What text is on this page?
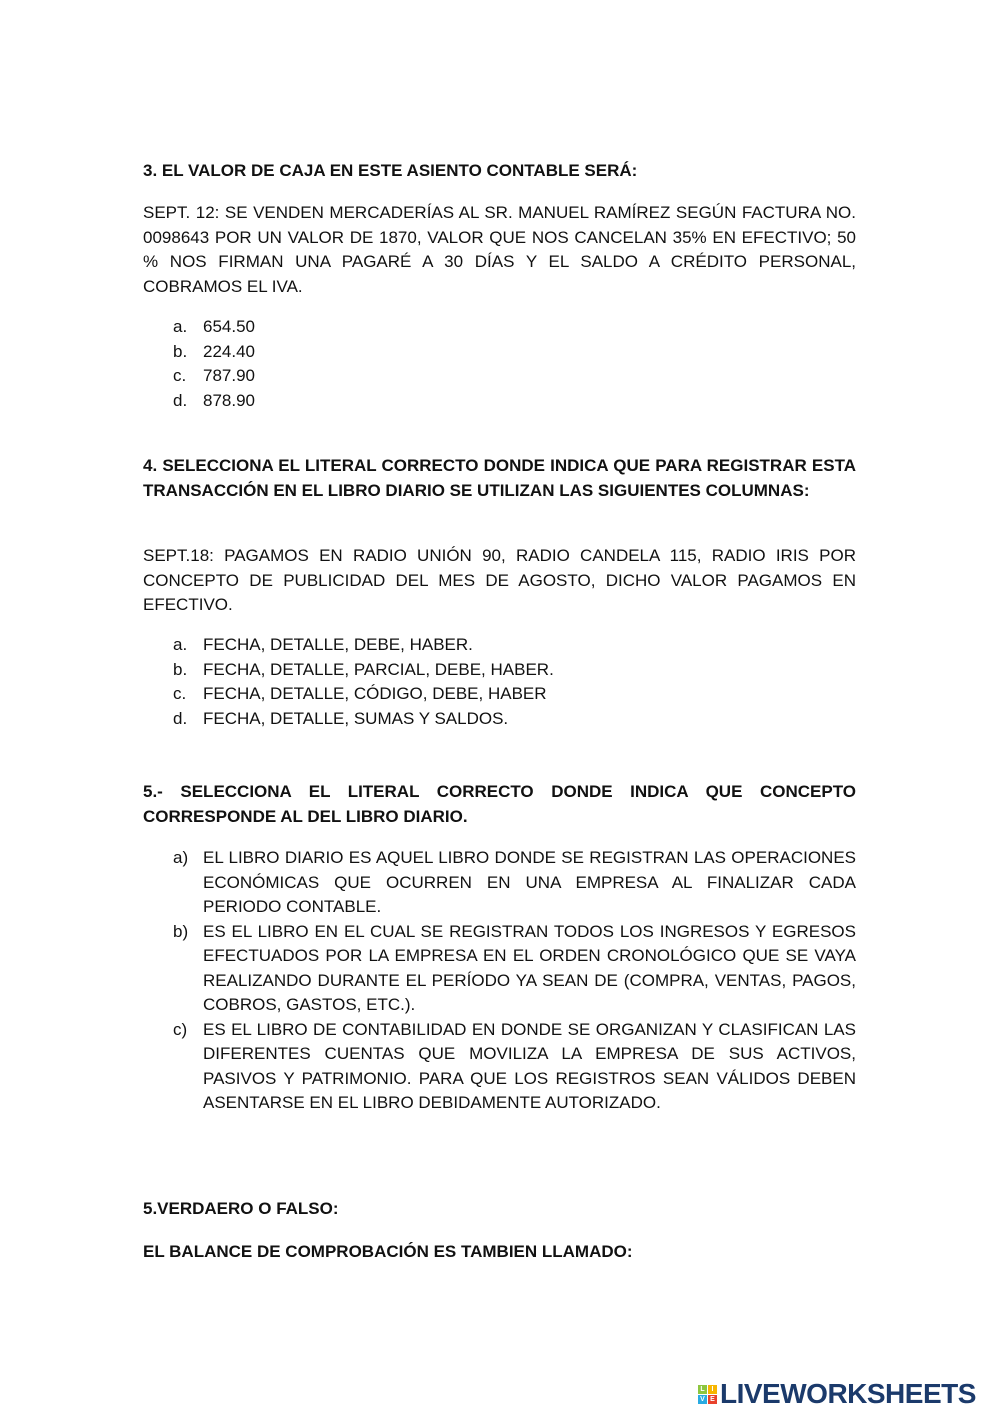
3. EL VALOR DE CAJA EN ESTE ASIENTO CONTABLE SERÁ:
SEPT. 12: SE VENDEN MERCADERÍAS AL SR. MANUEL RAMÍREZ SEGÚN FACTURA NO. 0098643 POR UN VALOR DE 1870, VALOR QUE NOS CANCELAN 35% EN EFECTIVO; 50 % NOS FIRMAN UNA PAGARÉ A 30 DÍAS Y EL SALDO A CRÉDITO PERSONAL, COBRAMOS EL IVA.
a. 654.50
b. 224.40
c. 787.90
d. 878.90
4. SELECCIONA EL LITERAL CORRECTO DONDE INDICA QUE PARA REGISTRAR ESTA TRANSACCIÓN EN EL LIBRO DIARIO SE UTILIZAN LAS SIGUIENTES COLUMNAS:
SEPT.18: PAGAMOS EN RADIO UNIÓN 90, RADIO CANDELA 115, RADIO IRIS POR CONCEPTO DE PUBLICIDAD DEL MES DE AGOSTO, DICHO VALOR PAGAMOS EN EFECTIVO.
a. FECHA, DETALLE, DEBE, HABER.
b. FECHA, DETALLE, PARCIAL, DEBE, HABER.
c. FECHA, DETALLE, CÓDIGO, DEBE, HABER
d. FECHA, DETALLE, SUMAS Y SALDOS.
5.- SELECCIONA EL LITERAL CORRECTO DONDE INDICA QUE CONCEPTO CORRESPONDE AL DEL LIBRO DIARIO.
a) EL LIBRO DIARIO ES AQUEL LIBRO DONDE SE REGISTRAN LAS OPERACIONES ECONÓMICAS QUE OCURREN EN UNA EMPRESA AL FINALIZAR CADA PERIODO CONTABLE.
b) ES EL LIBRO EN EL CUAL SE REGISTRAN TODOS LOS INGRESOS Y EGRESOS EFECTUADOS POR LA EMPRESA EN EL ORDEN CRONOLÓGICO QUE SE VAYA REALIZANDO DURANTE EL PERÍODO YA SEAN DE (COMPRA, VENTAS, PAGOS, COBROS, GASTOS, ETC.).
c) ES EL LIBRO DE CONTABILIDAD EN DONDE SE ORGANIZAN Y CLASIFICAN LAS DIFERENTES CUENTAS QUE MOVILIZA LA EMPRESA DE SUS ACTIVOS, PASIVOS Y PATRIMONIO. PARA QUE LOS REGISTROS SEAN VÁLIDOS DEBEN ASENTARSE EN EL LIBRO DEBIDAMENTE AUTORIZADO.
5.VERDAERO O FALSO:
EL BALANCE DE COMPROBACIÓN ES TAMBIEN LLAMADO:
L I
V E LIVEWORKSHEETS
